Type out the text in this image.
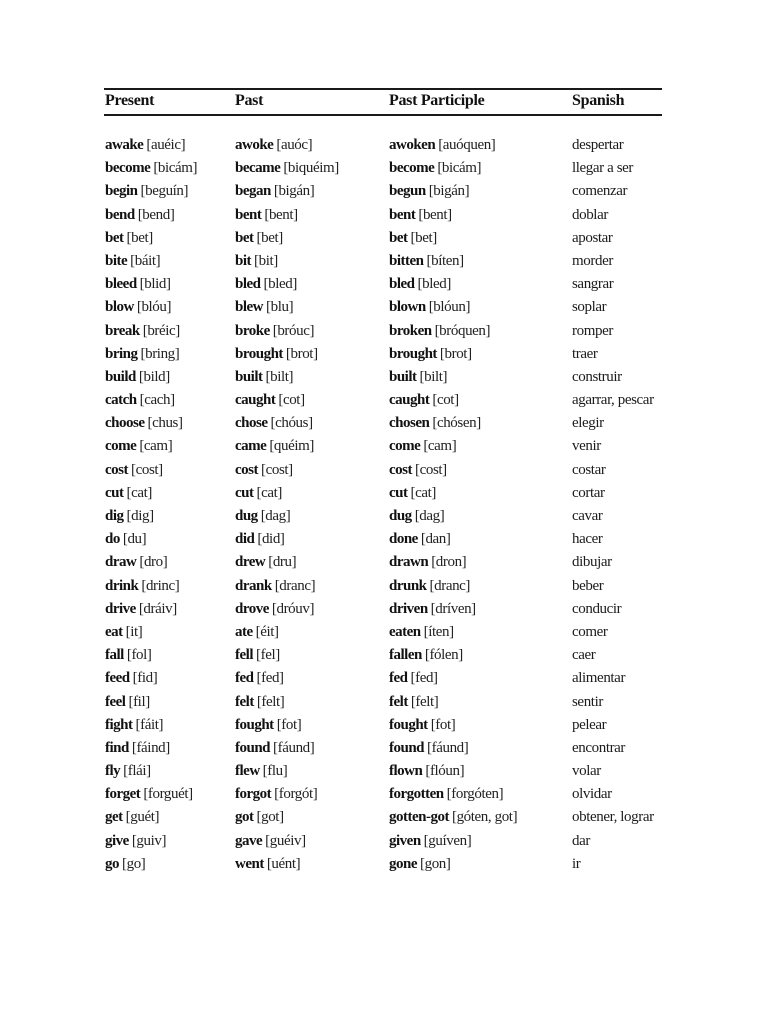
Present	Past	Past Participle	Spanish
awake [auéic]	awoke [auóc]	awoken [auóquen]	despertar
become [bicám]	became [biquéim]	become [bicám]	llegar a ser
begin [beguín]	began [bigán]	begun [bigán]	comenzar
bend [bend]	bent [bent]	bent [bent]	doblar
bet [bet]	bet [bet]	bet [bet]	apostar
bite [báit]	bit [bit]	bitten [bíten]	morder
bleed [blid]	bled [bled]	bled [bled]	sangrar
blow [blóu]	blew [blu]	blown [blóun]	soplar
break [bréic]	broke [bróuc]	broken [bróquen]	romper
bring [bring]	brought [brot]	brought [brot]	traer
build [bild]	built [bilt]	built [bilt]	construir
catch [cach]	caught [cot]	caught [cot]	agarrar, pescar
choose [chus]	chose [chóus]	chosen [chósen]	elegir
come [cam]	came [quéim]	come [cam]	venir
cost [cost]	cost [cost]	cost [cost]	costar
cut [cat]	cut [cat]	cut [cat]	cortar
dig [dig]	dug [dag]	dug [dag]	cavar
do [du]	did [did]	done [dan]	hacer
draw [dro]	drew [dru]	drawn [dron]	dibujar
drink [drinc]	drank [dranc]	drunk [dranc]	beber
drive [dráiv]	drove [dróuv]	driven [dríven]	conducir
eat [it]	ate [éit]	eaten [íten]	comer
fall [fol]	fell [fel]	fallen [fólen]	caer
feed [fid]	fed [fed]	fed [fed]	alimentar
feel [fil]	felt [felt]	felt [felt]	sentir
fight [fáit]	fought [fot]	fought [fot]	pelear
find [fáind]	found [fáund]	found [fáund]	encontrar
fly [flái]	flew [flu]	flown [flóun]	volar
forget [forguét]	forgot [forgót]	forgotten [forgóten]	olvidar
get [guét]	got [got]	gotten-got [góten, got]	obtener, lograr
give [guiv]	gave [guéiv]	given [guíven]	dar
go [go]	went [uént]	gone [gon]	ir
